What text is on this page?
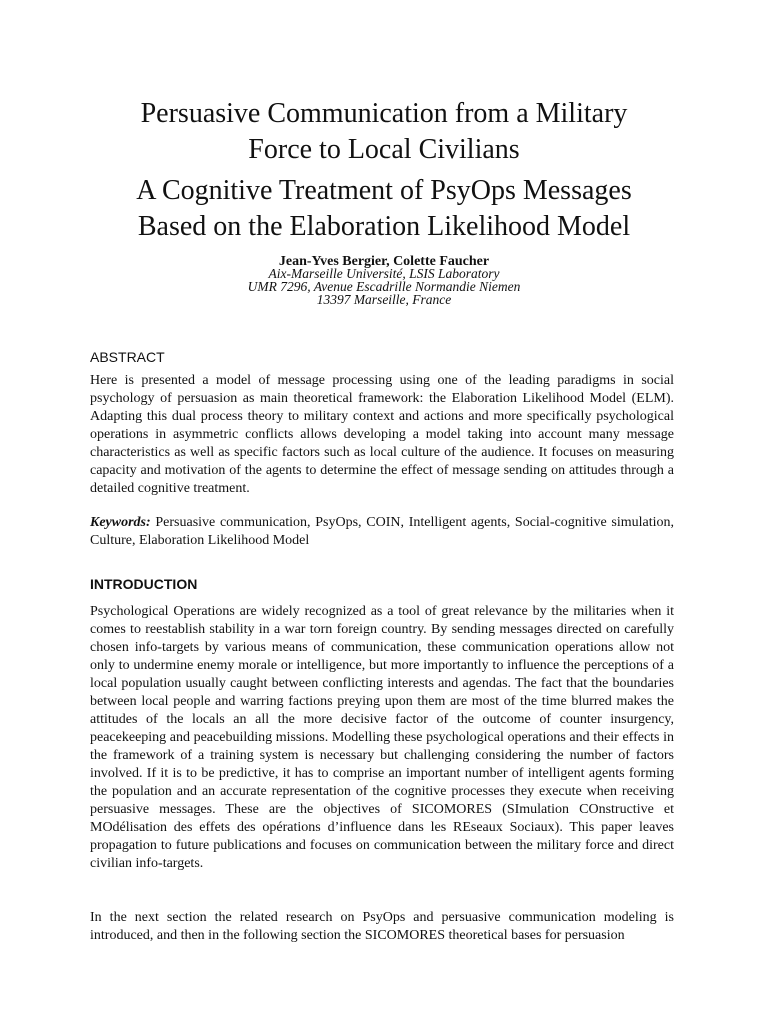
Persuasive Communication from a Military
Force to Local Civilians
A Cognitive Treatment of PsyOps Messages
Based on the Elaboration Likelihood Model
Jean-Yves Bergier, Colette Faucher
Aix-Marseille Université, LSIS Laboratory
UMR 7296, Avenue Escadrille Normandie Niemen
13397 Marseille, France
ABSTRACT

Here is presented a model of message processing using one of the leading paradigms in social psychology of persuasion as main theoretical framework: the Elaboration Likelihood Model (ELM). Adapting this dual process theory to military context and actions and more specifically psychological operations in asymmetric conflicts allows developing a model taking into account many message characteristics as well as specific factors such as local culture of the audience. It focuses on measuring capacity and motivation of the agents to determine the effect of message sending on attitudes through a detailed cognitive treatment.

Keywords: Persuasive communication, PsyOps, COIN, Intelligent agents, Social-cognitive simulation, Culture, Elaboration Likelihood Model

INTRODUCTION

Psychological Operations are widely recognized as a tool of great relevance by the militaries when it comes to reestablish stability in a war torn foreign country. By sending messages directed on carefully chosen info-targets by various means of communication, these communication operations allow not only to undermine enemy morale or intelligence, but more importantly to influence the perceptions of a local population usually caught between conflicting interests and agendas. The fact that the boundaries between local people and warring factions preying upon them are most of the time blurred makes the attitudes of the locals an all the more decisive factor of the outcome of counter insurgency, peacekeeping and peacebuilding missions. Modelling these psychological operations and their effects in the framework of a training system is necessary but challenging considering the number of factors involved. If it is to be predictive, it has to comprise an important number of intelligent agents forming the population and an accurate representation of the cognitive processes they execute when receiving persuasive messages. These are the objectives of SICOMORES (SImulation COnstructive et MOdélisation des effets des opérations d’influence dans les REseaux Sociaux). This paper leaves propagation to future publications and focuses on communication between the military force and direct civilian info-targets.

In the next section the related research on PsyOps and persuasive communication modeling is introduced, and then in the following section the SICOMORES theoretical bases for persuasion
